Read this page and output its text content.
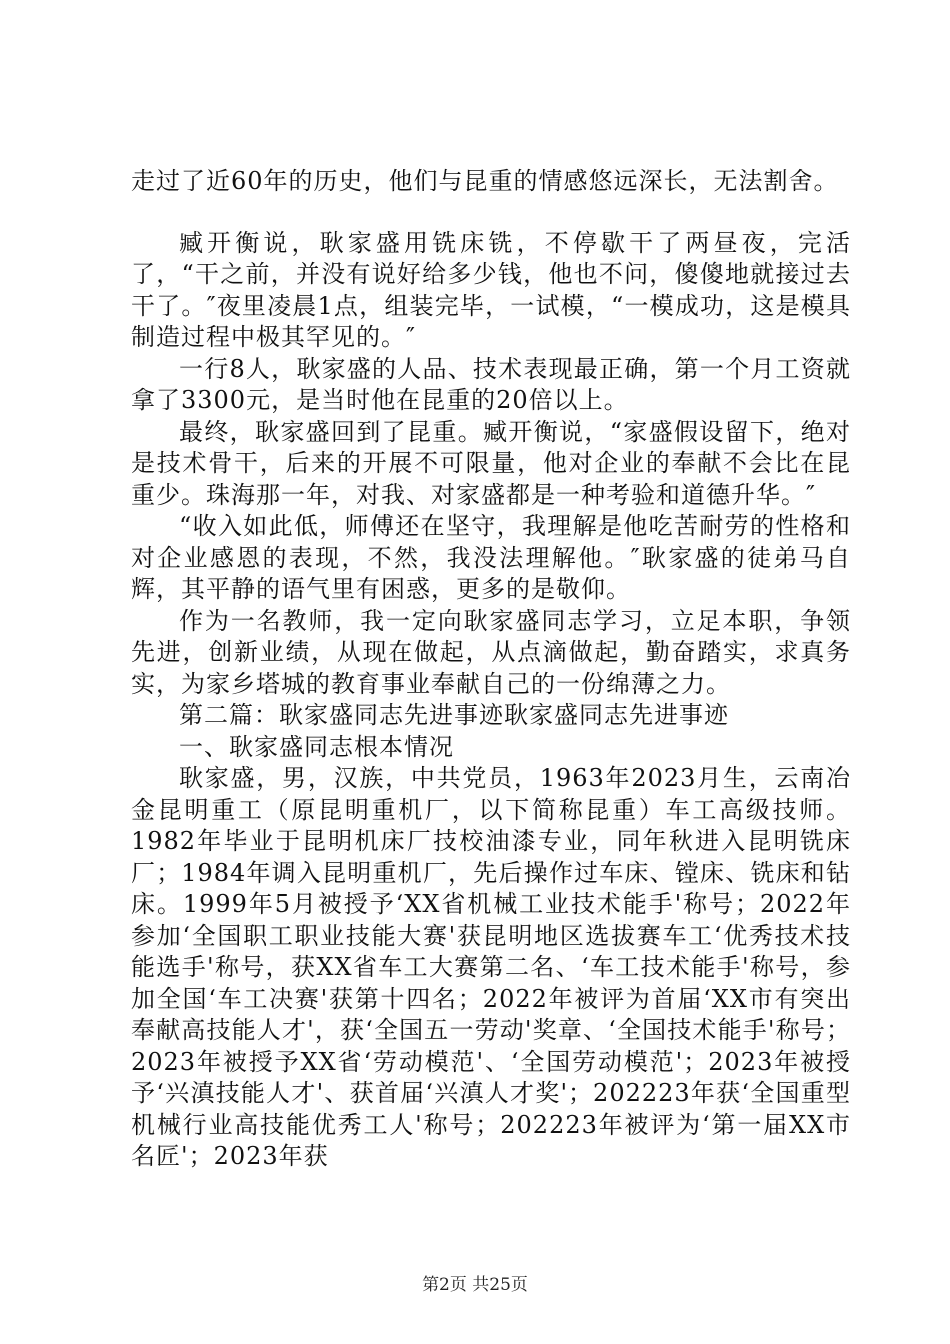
走过了近60年的历史，他们与昆重的情感悠远深长，无法割舍。

臧开衡说，耿家盛用铣床铣，不停歇干了两昼夜，完活了，“干之前，并没有说好给多少钱，他也不问，傻傻地就接过去干了。″夜里凌晨1点，组装完毕，一试模，“一模成功，这是模具制造过程中极其罕见的。″

一行8人，耿家盛的人品、技术表现最正确，第一个月工资就拿了3300元，是当时他在昆重的20倍以上。

最终，耿家盛回到了昆重。臧开衡说，“家盛假设留下，绝对是技术骨干，后来的开展不可限量，他对企业的奉献不会比在昆重少。珠海那一年，对我、对家盛都是一种考验和道德升华。″

“收入如此低，师傅还在坚守，我理解是他吃苦耐劳的性格和对企业感恩的表现，不然，我没法理解他。″耿家盛的徒弟马自辉，其平静的语气里有困惑，更多的是敬仰。

作为一名教师，我一定向耿家盛同志学习，立足本职，争领先进，创新业绩，从现在做起，从点滴做起，勤奋踏实，求真务实，为家乡塔城的教育事业奉献自己的一份绵薄之力。

第二篇：耿家盛同志先进事迹耿家盛同志先进事迹

一、耿家盛同志根本情况

耿家盛，男，汉族，中共党员，1963年2023月生，云南冶金昆明重工（原昆明重机厂，以下简称昆重）车工高级技师。1982年毕业于昆明机床厂技校油漆专业，同年秋进入昆明铣床厂；1984年调入昆明重机厂，先后操作过车床、镗床、铣床和钻床。1999年5月被授予‘XX省机械工业技术能手'称号；2022年参加‘全国职工职业技能大赛'获昆明地区选拔赛车工‘优秀技术技能选手'称号，获XX省车工大赛第二名、‘车工技术能手'称号，参加全国‘车工决赛'获第十四名；2022年被评为首届‘XX市有突出奉献高技能人才'，获‘全国五一劳动'奖章、‘全国技术能手'称号；2023年被授予XX省‘劳动模范'、‘全国劳动模范'；2023年被授予‘兴滇技能人才'、获首届‘兴滇人才奖'；202223年获‘全国重型机械行业高技能优秀工人'称号；202223年被评为‘第一届XX市名匠'；2023年获

第2页 共25页
